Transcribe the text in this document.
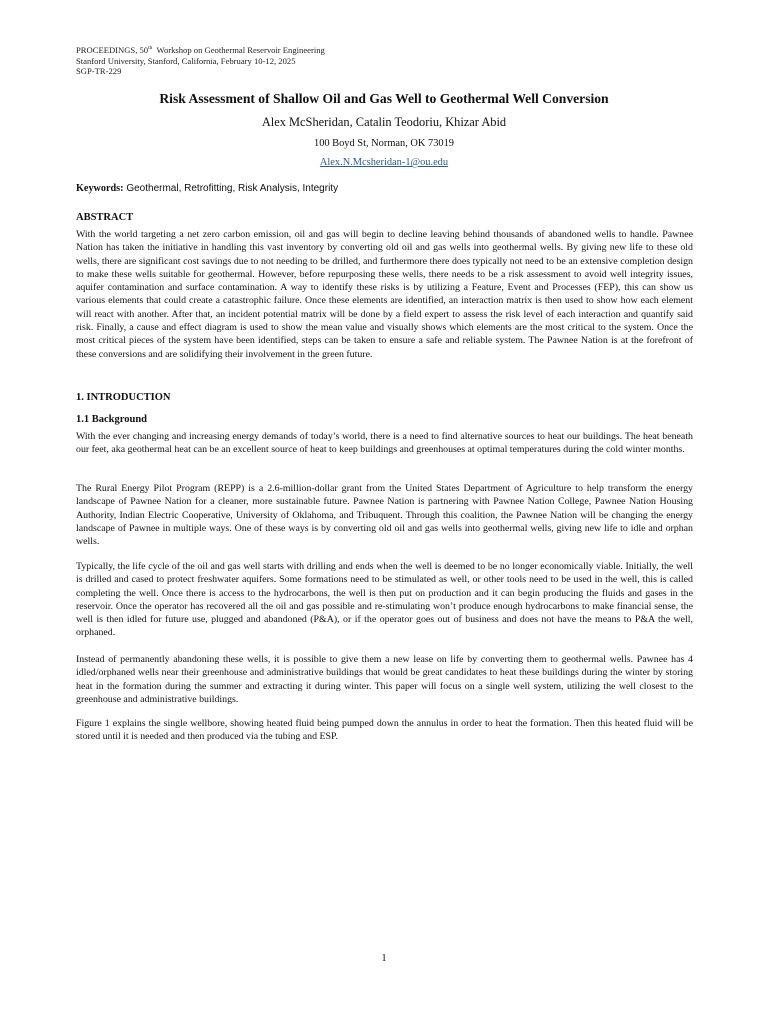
PROCEEDINGS, 50th  Workshop on Geothermal Reservoir Engineering
Stanford University, Stanford, California, February 10-12, 2025
SGP-TR-229
Risk Assessment of Shallow Oil and Gas Well to Geothermal Well Conversion
Alex McSheridan, Catalin Teodoriu, Khizar Abid
100 Boyd St, Norman, OK 73019
Alex.N.Mcsheridan-1@ou.edu
Keywords: Geothermal, Retrofitting, Risk Analysis, Integrity
ABSTRACT

With the world targeting a net zero carbon emission, oil and gas will begin to decline leaving behind thousands of abandoned wells to handle. Pawnee Nation has taken the initiative in handling this vast inventory by converting old oil and gas wells into geothermal wells. By giving new life to these old wells, there are significant cost savings due to not needing to be drilled, and furthermore there does typically not need to be an extensive completion design to make these wells suitable for geothermal. However, before repurposing these wells, there needs to be a risk assessment to avoid well integrity issues, aquifer contamination and surface contamination. A way to identify these risks is by utilizing a Feature, Event and Processes (FEP), this can show us various elements that could create a catastrophic failure. Once these elements are identified, an interaction matrix is then used to show how each element will react with another. After that, an incident potential matrix will be done by a field expert to assess the risk level of each interaction and quantify said risk. Finally, a cause and effect diagram is used to show the mean value and visually shows which elements are the most critical to the system. Once the most critical pieces of the system have been identified, steps can be taken to ensure a safe and reliable system. The Pawnee Nation is at the forefront of these conversions and are solidifying their involvement in the green future.

1. INTRODUCTION
1.1 Background

With the ever changing and increasing energy demands of today’s world, there is a need to find alternative sources to heat our buildings. The heat beneath our feet, aka geothermal heat can be an excellent source of heat to keep buildings and greenhouses at optimal temperatures during the cold winter months.

The Rural Energy Pilot Program (REPP) is a 2.6-million-dollar grant from the United States Department of Agriculture to help transform the energy landscape of Pawnee Nation for a cleaner, more sustainable future. Pawnee Nation is partnering with Pawnee Nation College, Pawnee Nation Housing Authority, Indian Electric Cooperative, University of Oklahoma, and Tribuquent. Through this coalition, the Pawnee Nation will be changing the energy landscape of Pawnee in multiple ways. One of these ways is by converting old oil and gas wells into geothermal wells, giving new life to idle and orphan wells.

Typically, the life cycle of the oil and gas well starts with drilling and ends when the well is deemed to be no longer economically viable. Initially, the well is drilled and cased to protect freshwater aquifers. Some formations need to be stimulated as well, or other tools need to be used in the well, this is called completing the well. Once there is access to the hydrocarbons, the well is then put on production and it can begin producing the fluids and gases in the reservoir. Once the operator has recovered all the oil and gas possible and re-stimulating won’t produce enough hydrocarbons to make financial sense, the well is then idled for future use, plugged and abandoned (P&A), or if the operator goes out of business and does not have the means to P&A the well, orphaned.

Instead of permanently abandoning these wells, it is possible to give them a new lease on life by converting them to geothermal wells. Pawnee has 4 idled/orphaned wells near their greenhouse and administrative buildings that would be great candidates to heat these buildings during the winter by storing heat in the formation during the summer and extracting it during winter. This paper will focus on a single well system, utilizing the well closest to the greenhouse and administrative buildings.

Figure 1 explains the single wellbore, showing heated fluid being pumped down the annulus in order to heat the formation. Then this heated fluid will be stored until it is needed and then produced via the tubing and ESP.

1
